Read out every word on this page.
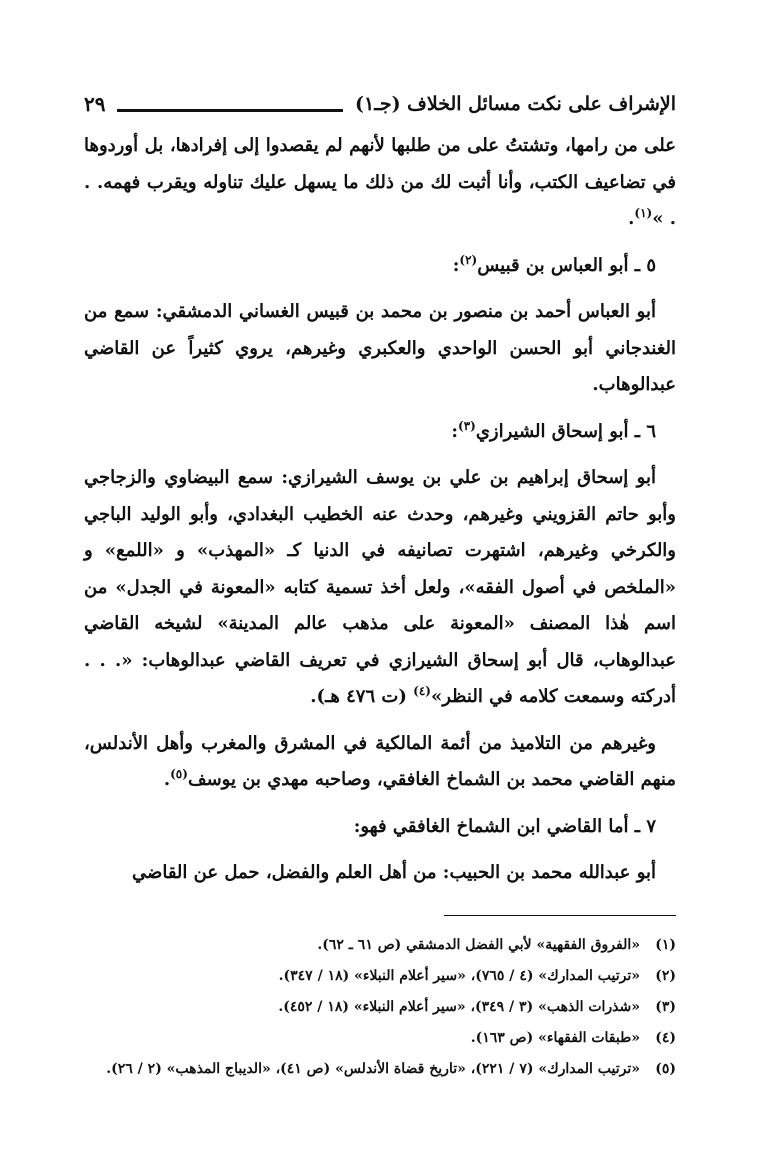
الإشراف على نكت مسائل الخلاف (جـ١)
٢٩

على من رامها، وتشتتُ على من طلبها لأنهم لم يقصدوا إلى إفرادها، بل أوردوها في تضاعيف الكتب، وأنا أثبت لك من ذلك ما يسهل عليك تناوله ويقرب فهمه. . . »$^{(١)}$.

٥ ـ أبو العباس بن قبيس$^{(٢)}$:

أبو العباس أحمد بن منصور بن محمد بن قبيس الغساني الدمشقي: سمع من الغندجاني أبو الحسن الواحدي والعكبري وغيرهم، يروي كثيراً عن القاضي عبدالوهاب.

٦ ـ أبو إسحاق الشيرازي$^{(٣)}$:

أبو إسحاق إبراهيم بن علي بن يوسف الشيرازي: سمع البيضاوي والزجاجي وأبو حاتم القزويني وغيرهم، وحدث عنه الخطيب البغدادي، وأبو الوليد الباجي والكرخي وغيرهم، اشتهرت تصانيفه في الدنيا كـ «المهذب» و «اللمع» و «الملخص في أصول الفقه»، ولعل أخذ تسمية كتابه «المعونة في الجدل» من اسم هٰذا المصنف «المعونة على مذهب عالم المدينة» لشيخه القاضي عبدالوهاب، قال أبو إسحاق الشيرازي في تعريف القاضي عبدالوهاب: «. . . أدركته وسمعت كلامه في النظر»$^{(٤)}$ (ت ٤٧٦ هـ).

وغيرهم من التلاميذ من أئمة المالكية في المشرق والمغرب وأهل الأندلس، منهم القاضي محمد بن الشماخ الغافقي، وصاحبه مهدي بن يوسف$^{(٥)}$.

٧ ـ أما القاضي ابن الشماخ الغافقي فهو:

أبو عبدالله محمد بن الحبيب: من أهل العلم والفضل، حمل عن القاضي

(١)
«الفروق الفقهية» لأبي الفضل الدمشقي (ص ٦١ ـ ٦٢).
(٢)
«ترتيب المدارك» (٤ / ٧٦٥)، «سير أعلام النبلاء» (١٨ / ٣٤٧).
(٣)
«شذرات الذهب» (٣ / ٣٤٩)، «سير أعلام النبلاء» (١٨ / ٤٥٢).
(٤)
«طبقات الفقهاء» (ص ١٦٣).
(٥)
«ترتيب المدارك» (٧ / ٢٢١)، «تاريخ قضاة الأندلس» (ص ٤١)، «الديباج المذهب» (٢ / ٢٦).
